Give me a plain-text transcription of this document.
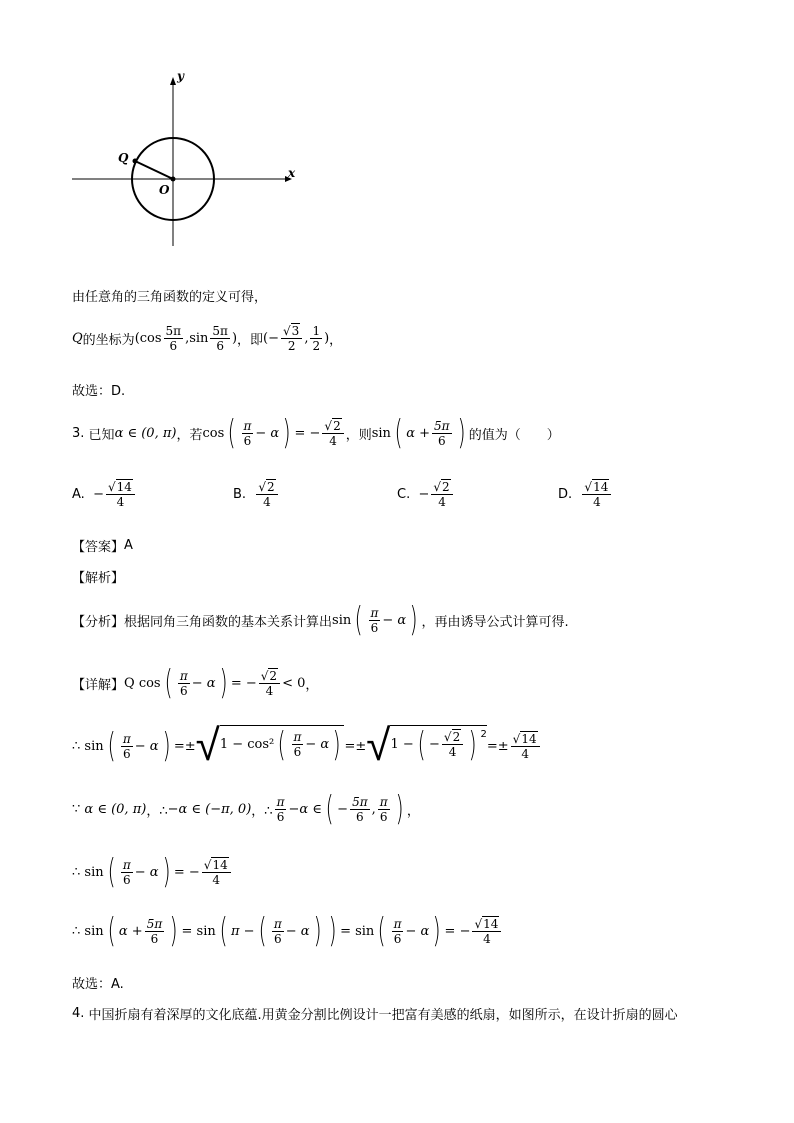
y
x
Q
O
由任意角的三角函数的定义可得，
Q 的坐标为 ( $\cos \frac{5\pi}{6}$ , $\sin \frac{5\pi}{6}$ ) ，即 (− $\frac{√3}{2}$ , $\frac{1}{2}$ ) ，
故选：D.
3.
已知 α ∈ (0, π) ，若 cos ( $\frac{\pi}{6} - \alpha$ ) = − $\frac{√2}{4}$ ，则 sin ( $\alpha + \frac{5\pi}{6}$ ) 的值为（　　）
A.
− $\frac{√14}{4}$	B.
$\frac{√2}{4}$	C.
− $\frac{√2}{4}$	D.
$\frac{√14}{4}$
【答案】 A
【解析】
【分析】 根据同角三角函数的基本关系计算出 sin ( $\frac{\pi}{6} - \alpha$ ) ，再由诱导公式计算可得.
【详解】 Q
cos ( $\frac{\pi}{6} - \alpha$ ) = − $\frac{√2}{4} < 0$ ，
∴
sin ( $\frac{\pi}{6} - \alpha$ ) = ± √ 1 − cos² ( $\frac{\pi}{6} - \alpha$ ) = ± √ 1 − ( − $\frac{√2}{4}$ ) $^2$
= ± $\frac{√14}{4}$
∵
α ∈ (0, π) ，∴ −α ∈ (−π, 0) ，∴ $\frac{\pi}{6} -\alpha$ ∈ ( − $\frac{5\pi}{6}$ , $\frac{\pi}{6}$ ) ，
∴
sin ( $\frac{\pi}{6} - \alpha$ ) = − $\frac{√14}{4}$
∴
sin ( $\alpha + \frac{5\pi}{6}$ ) = sin ( π − ( $\frac{\pi}{6} - \alpha$ ) ) = sin ( $\frac{\pi}{6} - \alpha$ ) = − $\frac{√14}{4}$
故选：A.
4.
中国折扇有着深厚的文化底蕴.用黄金分割比例设计一把富有美感的纸扇，如图所示，在设计折扇的圆心
